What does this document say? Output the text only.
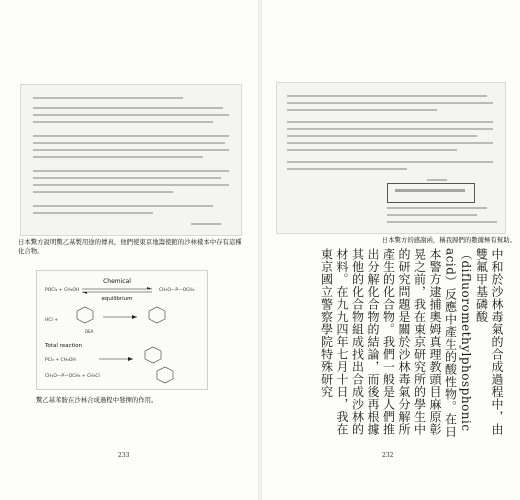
日本驚方說明驚乙基製用途的傳真，他們使東京地籌使館的沙林樣本中存有這種化合物。
Chemical
equilibrium
POCl₂ + CH₃OH	CH₃O—P—OCH₃
HCl +
DEA
Total reaction
PCl₃ + CH₃OH
CH₃O—P—OCH₃ + CH₃Cl
驚乙基苯胺在沙林合成過程中發揮的作用。
233
日本驚方的感謝函，稱我歸們的數據極有幫助。
中和於沙林毒氣的合成過程中，由雙氟甲基磷酸（difluoromethylphosphonic acid）反應中產生的酸性物。在日本警方逮捕奧姆真理教頭目麻原彰晃之前，我在東京研究所的學生中的研究問題是關於沙林毒氣分解所產生的化合物。我們一般是人們推出分解化合物的結論，而後再根據其他的化合物組成找出合成沙林的材料。在九九四年七月十日，我在東京國立警察學院特殊研究
232
